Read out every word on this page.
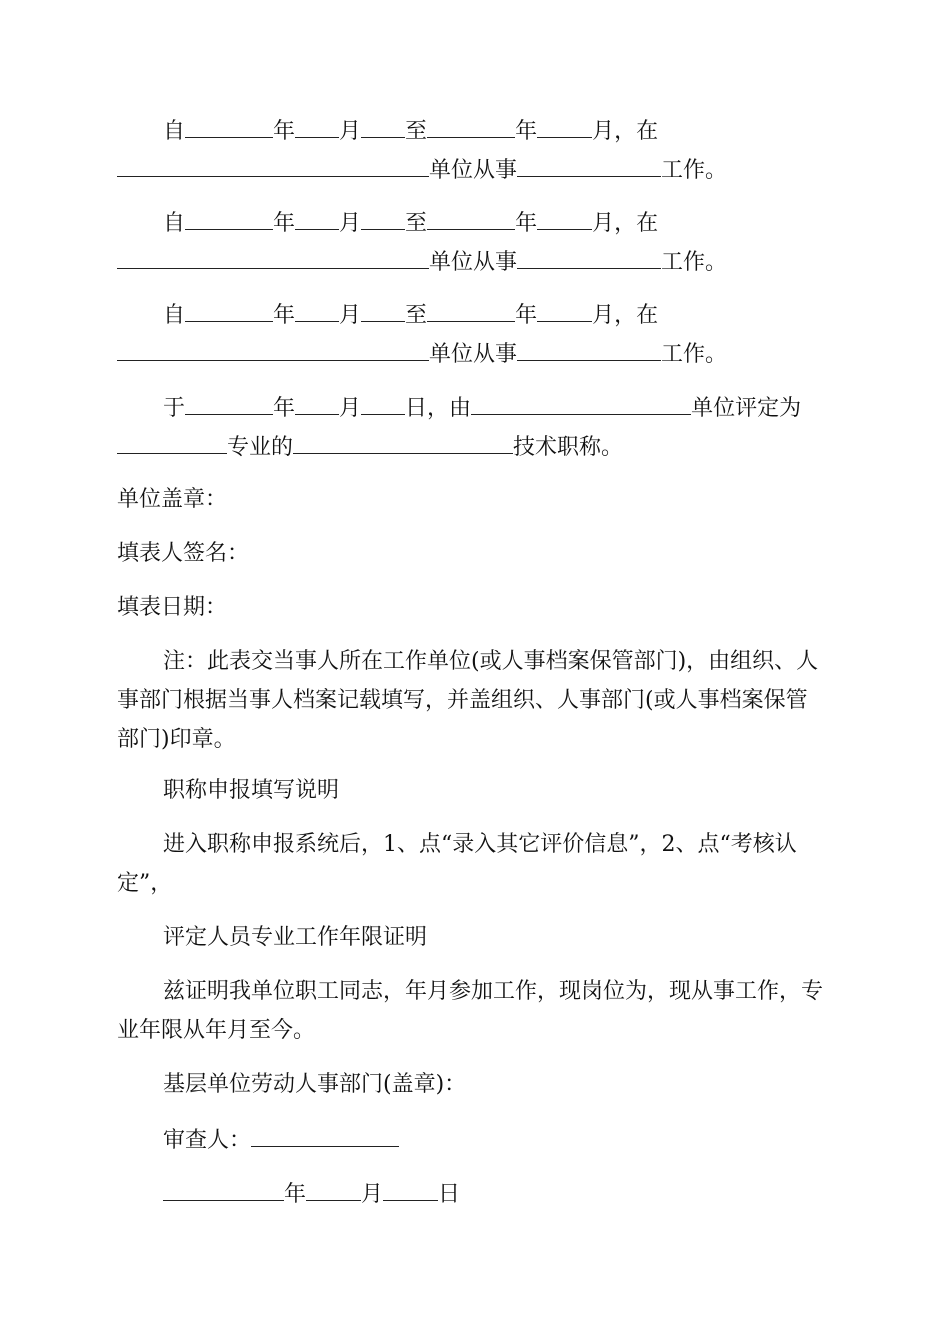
自	年 月 至	年	月，在
单位从事	工作。
自	年 月 至	年	月，在
单位从事	工作。
自	年 月 至	年	月，在
单位从事	工作。
于	年 月 日，由	单位评定为
专业的	技术职称。
单位盖章：
填表人签名：
填表日期：
注：此表交当事人所在工作单位(或人事档案保管部门)，由组织、人
事部门根据当事人档案记载填写，并盖组织、人事部门(或人事档案保管
部门)印章。
职称申报填写说明
进入职称申报系统后，1、点“录入其它评价信息”，2、点“考核认
定”，
评定人员专业工作年限证明
兹证明我单位职工同志，年月参加工作，现岗位为，现从事工作，专
业年限从年月至今。
基层单位劳动人事部门(盖章)：
审查人：
年	月	日
